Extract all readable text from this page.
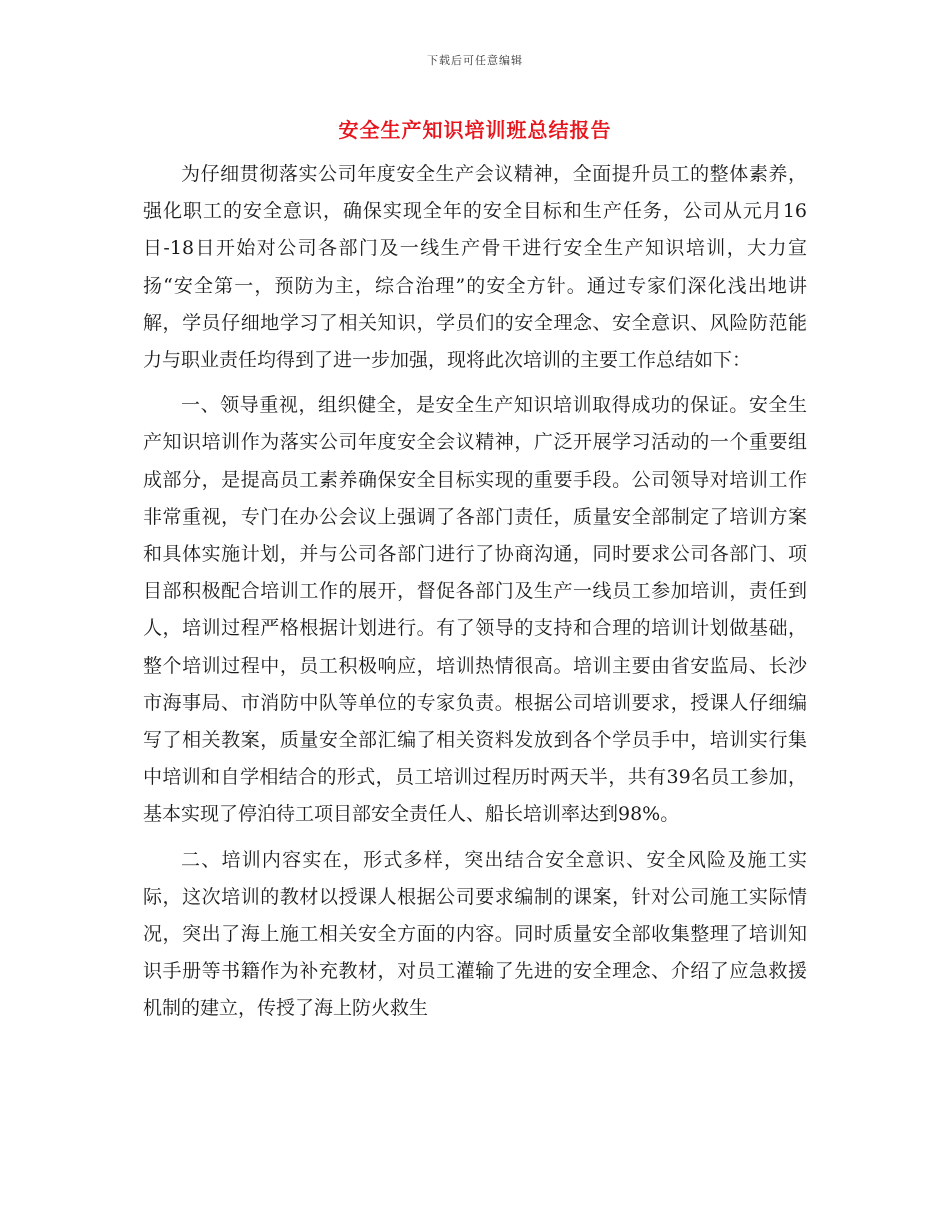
下载后可任意编辑
安全生产知识培训班总结报告

为仔细贯彻落实公司年度安全生产会议精神，全面提升员工的整体素养，强化职工的安全意识，确保实现全年的安全目标和生产任务，公司从元月16日-18日开始对公司各部门及一线生产骨干进行安全生产知识培训，大力宣扬“安全第一，预防为主，综合治理”的安全方针。通过专家们深化浅出地讲解，学员仔细地学习了相关知识，学员们的安全理念、安全意识、风险防范能力与职业责任均得到了进一步加强，现将此次培训的主要工作总结如下：

一、领导重视，组织健全，是安全生产知识培训取得成功的保证。安全生产知识培训作为落实公司年度安全会议精神，广泛开展学习活动的一个重要组成部分，是提高员工素养确保安全目标实现的重要手段。公司领导对培训工作非常重视，专门在办公会议上强调了各部门责任，质量安全部制定了培训方案和具体实施计划，并与公司各部门进行了协商沟通，同时要求公司各部门、项目部积极配合培训工作的展开，督促各部门及生产一线员工参加培训，责任到人，培训过程严格根据计划进行。有了领导的支持和合理的培训计划做基础，整个培训过程中，员工积极响应，培训热情很高。培训主要由省安监局、长沙市海事局、市消防中队等单位的专家负责。根据公司培训要求，授课人仔细编写了相关教案，质量安全部汇编了相关资料发放到各个学员手中，培训实行集中培训和自学相结合的形式，员工培训过程历时两天半，共有39名员工参加，基本实现了停泊待工项目部安全责任人、船长培训率达到98%。

二、培训内容实在，形式多样，突出结合安全意识、安全风险及施工实际，这次培训的教材以授课人根据公司要求编制的课案，针对公司施工实际情况，突出了海上施工相关安全方面的内容。同时质量安全部收集整理了培训知识手册等书籍作为补充教材，对员工灌输了先进的安全理念、介绍了应急救援机制的建立，传授了海上防火救生
